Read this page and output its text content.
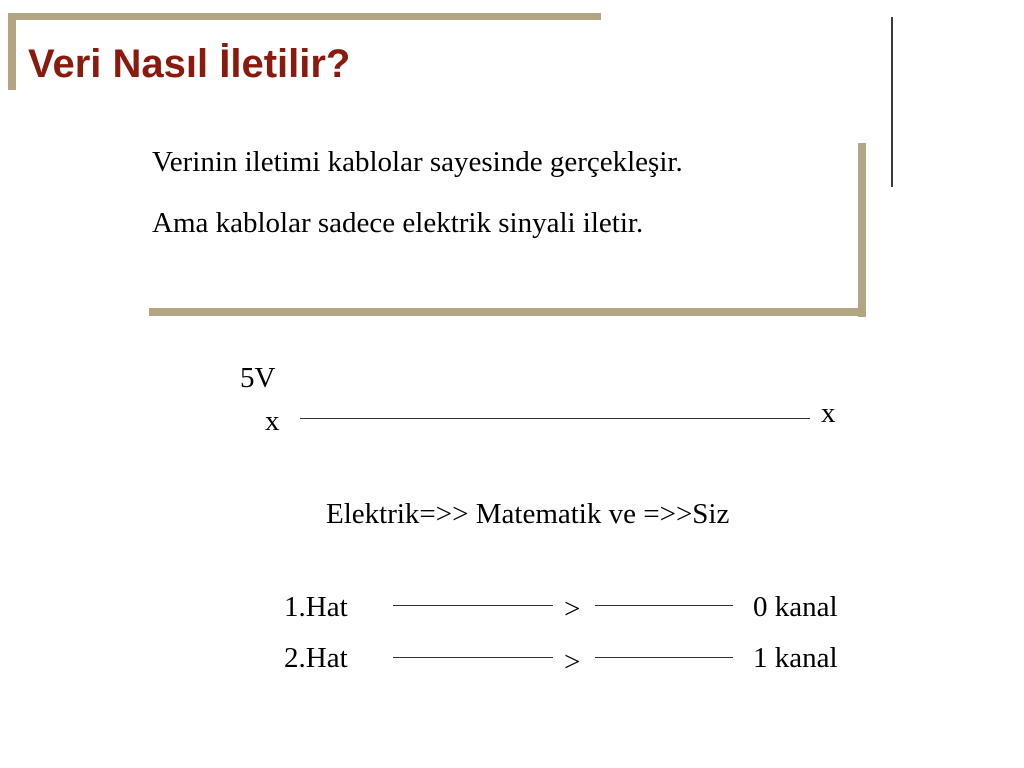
Veri Nasıl İletilir?
Verinin iletimi kablolar sayesinde gerçekleşir.
Ama kablolar sadece elektrik sinyali iletir.
5V
x	x
Elektrik=>> Matematik ve =>>Siz
1.Hat	>	0 kanal
2.Hat	>	1 kanal
